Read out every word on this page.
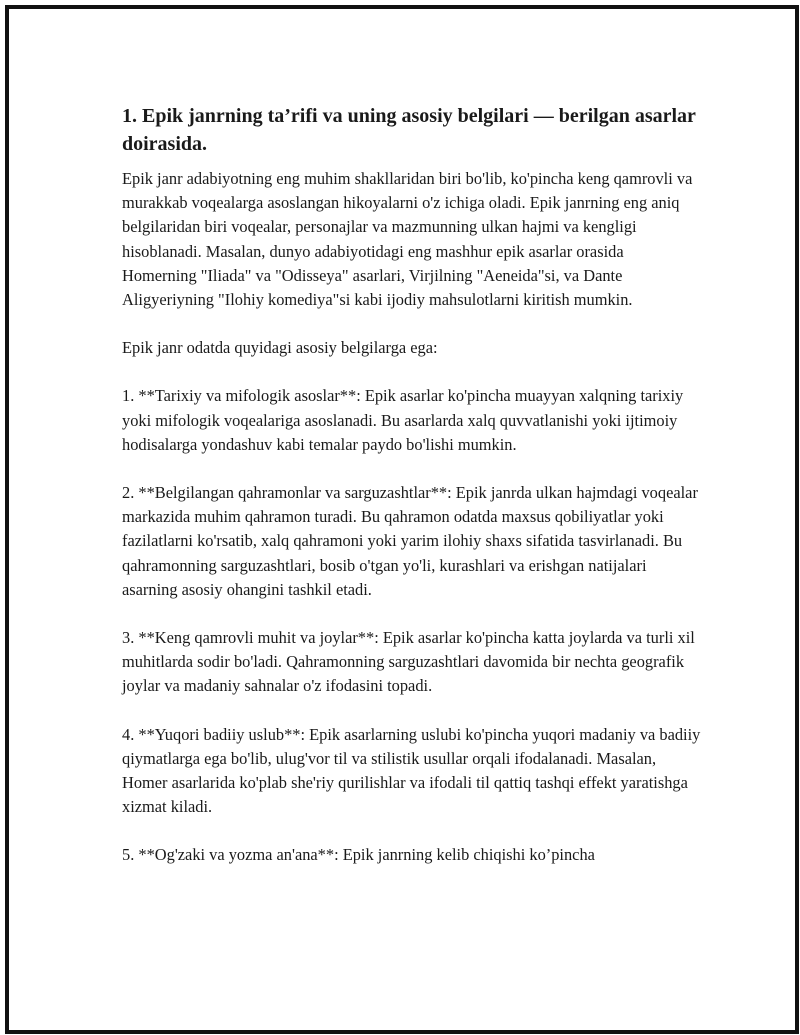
1. Epik janrning ta’rifi va uning asosiy belgilari — berilgan asarlar doirasida.

Epik janr adabiyotning eng muhim shakllaridan biri bo'lib, ko'pincha keng qamrovli va murakkab voqealarga asoslangan hikoyalarni o'z ichiga oladi. Epik janrning eng aniq belgilaridan biri voqealar, personajlar va mazmunning ulkan hajmi va kengligi hisoblanadi. Masalan, dunyo adabiyotidagi eng mashhur epik asarlar orasida Homerning "Iliada" va "Odisseya" asarlari, Virjilning "Aeneida"si, va Dante Aligyeriyning "Ilohiy komediya"si kabi ijodiy mahsulotlarni kiritish mumkin.

Epik janr odatda quyidagi asosiy belgilarga ega:

1. **Tarixiy va mifologik asoslar**: Epik asarlar ko'pincha muayyan xalqning tarixiy yoki mifologik voqealariga asoslanadi. Bu asarlarda xalq quvvatlanishi yoki ijtimoiy hodisalarga yondashuv kabi temalar paydo bo'lishi mumkin.

2. **Belgilangan qahramonlar va sarguzashtlar**: Epik janrda ulkan hajmdagi voqealar markazida muhim qahramon turadi. Bu qahramon odatda maxsus qobiliyatlar yoki fazilatlarni ko'rsatib, xalq qahramoni yoki yarim ilohiy shaxs sifatida tasvirlanadi. Bu qahramonning sarguzashtlari, bosib o'tgan yo'li, kurashlari va erishgan natijalari asarning asosiy ohangini tashkil etadi.

3. **Keng qamrovli muhit va joylar**: Epik asarlar ko'pincha katta joylarda va turli xil muhitlarda sodir bo'ladi. Qahramonning sarguzashtlari davomida bir nechta geografik joylar va madaniy sahnalar o'z ifodasini topadi.

4. **Yuqori badiiy uslub**: Epik asarlarning uslubi ko'pincha yuqori madaniy va badiiy qiymatlarga ega bo'lib, ulug'vor til va stilistik usullar orqali ifodalanadi. Masalan, Homer asarlarida ko'plab she'riy qurilishlar va ifodali til qattiq tashqi effekt yaratishga xizmat kiladi.

5. **Og'zaki va yozma an'ana**: Epik janrning kelib chiqishi ko’pincha
